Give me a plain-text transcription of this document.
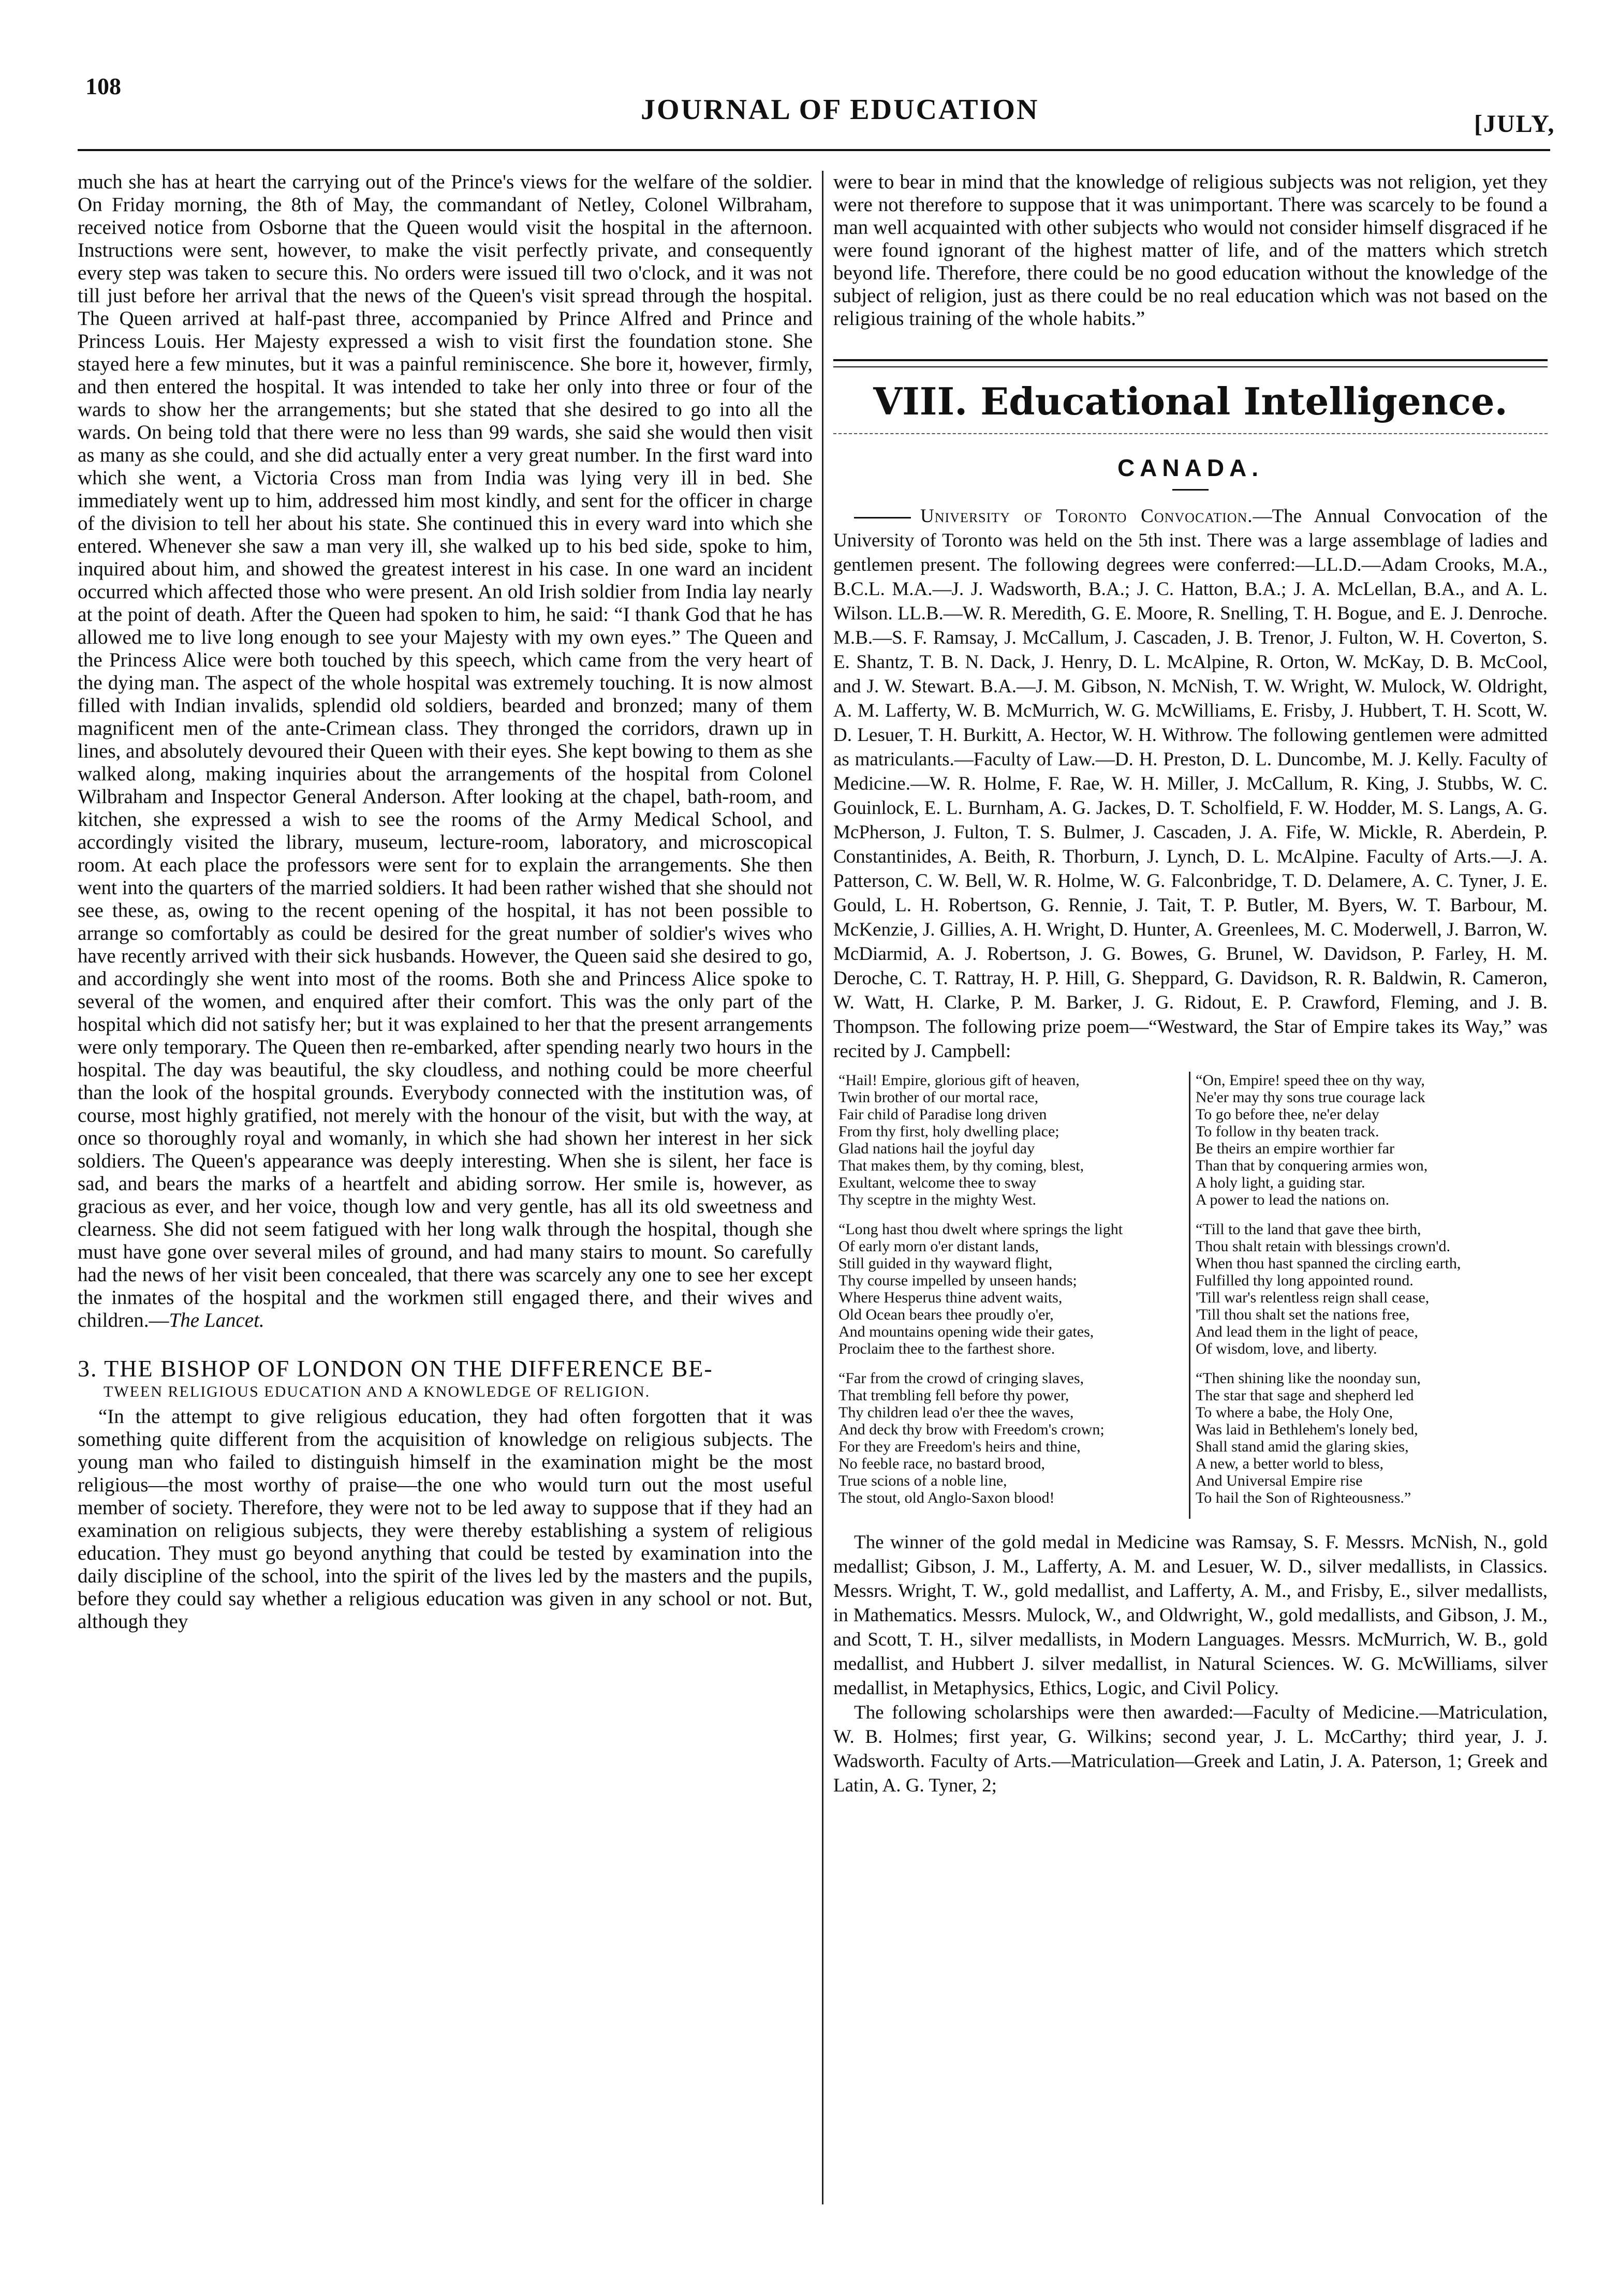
108
JOURNAL OF EDUCATION	[JULY,

much she has at heart the carrying out of the Prince's views for the welfare of the soldier. On Friday morning, the 8th of May, the commandant of Netley, Colonel Wilbraham, received notice from Osborne that the Queen would visit the hospital in the afternoon. Instructions were sent, however, to make the visit perfectly private, and consequently every step was taken to secure this. No orders were issued till two o'clock, and it was not till just before her arrival that the news of the Queen's visit spread through the hospital. The Queen arrived at half-past three, accompanied by Prince Alfred and Prince and Princess Louis. Her Majesty expressed a wish to visit first the foundation stone. She stayed here a few minutes, but it was a painful reminiscence. She bore it, however, firmly, and then entered the hospital. It was intended to take her only into three or four of the wards to show her the arrangements; but she stated that she desired to go into all the wards. On being told that there were no less than 99 wards, she said she would then visit as many as she could, and she did actually enter a very great number. In the first ward into which she went, a Victoria Cross man from India was lying very ill in bed. She immediately went up to him, addressed him most kindly, and sent for the officer in charge of the division to tell her about his state. She continued this in every ward into which she entered. Whenever she saw a man very ill, she walked up to his bed side, spoke to him, inquired about him, and showed the greatest interest in his case. In one ward an incident occurred which affected those who were present. An old Irish soldier from India lay nearly at the point of death. After the Queen had spoken to him, he said: “I thank God that he has allowed me to live long enough to see your Majesty with my own eyes.” The Queen and the Princess Alice were both touched by this speech, which came from the very heart of the dying man. The aspect of the whole hospital was extremely touching. It is now almost filled with Indian invalids, splendid old soldiers, bearded and bronzed; many of them magnificent men of the ante-Crimean class. They thronged the corridors, drawn up in lines, and absolutely devoured their Queen with their eyes. She kept bowing to them as she walked along, making inquiries about the arrangements of the hospital from Colonel Wilbraham and Inspector General Anderson. After looking at the chapel, bath-room, and kitchen, she expressed a wish to see the rooms of the Army Medical School, and accordingly visited the library, museum, lecture-room, laboratory, and microscopical room. At each place the professors were sent for to explain the arrangements. She then went into the quarters of the married soldiers. It had been rather wished that she should not see these, as, owing to the recent opening of the hospital, it has not been possible to arrange so comfortably as could be desired for the great number of soldier's wives who have recently arrived with their sick husbands. However, the Queen said she desired to go, and accordingly she went into most of the rooms. Both she and Princess Alice spoke to several of the women, and enquired after their comfort. This was the only part of the hospital which did not satisfy her; but it was explained to her that the present arrangements were only temporary. The Queen then re-embarked, after spending nearly two hours in the hospital. The day was beautiful, the sky cloudless, and nothing could be more cheerful than the look of the hospital grounds. Everybody connected with the institution was, of course, most highly gratified, not merely with the honour of the visit, but with the way, at once so thoroughly royal and womanly, in which she had shown her interest in her sick soldiers. The Queen's appearance was deeply interesting. When she is silent, her face is sad, and bears the marks of a heartfelt and abiding sorrow. Her smile is, however, as gracious as ever, and her voice, though low and very gentle, has all its old sweetness and clearness. She did not seem fatigued with her long walk through the hospital, though she must have gone over several miles of ground, and had many stairs to mount. So carefully had the news of her visit been concealed, that there was scarcely any one to see her except the inmates of the hospital and the workmen still engaged there, and their wives and children.—The Lancet.

3. THE BISHOP OF LONDON ON THE DIFFERENCE BE-
TWEEN RELIGIOUS EDUCATION AND A KNOWLEDGE OF RELIGION.

“In the attempt to give religious education, they had often forgotten that it was something quite different from the acquisition of knowledge on religious subjects. The young man who failed to distinguish himself in the examination might be the most religious—the most worthy of praise—the one who would turn out the most useful member of society. Therefore, they were not to be led away to suppose that if they had an examination on religious subjects, they were thereby establishing a system of religious education. They must go beyond anything that could be tested by examination into the daily discipline of the school, into the spirit of the lives led by the masters and the pupils, before they could say whether a religious education was given in any school or not. But, although they

were to bear in mind that the knowledge of religious subjects was not religion, yet they were not therefore to suppose that it was unimportant. There was scarcely to be found a man well acquainted with other subjects who would not consider himself disgraced if he were found ignorant of the highest matter of life, and of the matters which stretch beyond life. Therefore, there could be no good education without the knowledge of the subject of religion, just as there could be no real education which was not based on the religious training of the whole habits.”

VIII. Educational Intelligence.
CANADA.

University of Toronto Convocation.—The Annual Convocation of the University of Toronto was held on the 5th inst. There was a large assemblage of ladies and gentlemen present. The following degrees were conferred:—LL.D.—Adam Crooks, M.A., B.C.L. M.A.—J. J. Wadsworth, B.A.; J. C. Hatton, B.A.; J. A. McLellan, B.A., and A. L. Wilson. LL.B.—W. R. Meredith, G. E. Moore, R. Snelling, T. H. Bogue, and E. J. Denroche. M.B.—S. F. Ramsay, J. McCallum, J. Cascaden, J. B. Trenor, J. Fulton, W. H. Coverton, S. E. Shantz, T. B. N. Dack, J. Henry, D. L. McAlpine, R. Orton, W. McKay, D. B. McCool, and J. W. Stewart. B.A.—J. M. Gibson, N. McNish, T. W. Wright, W. Mulock, W. Oldright, A. M. Lafferty, W. B. McMurrich, W. G. McWilliams, E. Frisby, J. Hubbert, T. H. Scott, W. D. Lesuer, T. H. Burkitt, A. Hector, W. H. Withrow. The following gentlemen were admitted as matriculants.—Faculty of Law.—D. H. Preston, D. L. Duncombe, M. J. Kelly. Faculty of Medicine.—W. R. Holme, F. Rae, W. H. Miller, J. McCallum, R. King, J. Stubbs, W. C. Gouinlock, E. L. Burnham, A. G. Jackes, D. T. Scholfield, F. W. Hodder, M. S. Langs, A. G. McPherson, J. Fulton, T. S. Bulmer, J. Cascaden, J. A. Fife, W. Mickle, R. Aberdein, P. Constantinides, A. Beith, R. Thorburn, J. Lynch, D. L. McAlpine. Faculty of Arts.—J. A. Patterson, C. W. Bell, W. R. Holme, W. G. Falconbridge, T. D. Delamere, A. C. Tyner, J. E. Gould, L. H. Robertson, G. Rennie, J. Tait, T. P. Butler, M. Byers, W. T. Barbour, M. McKenzie, J. Gillies, A. H. Wright, D. Hunter, A. Greenlees, M. C. Moderwell, J. Barron, W. McDiarmid, A. J. Robertson, J. G. Bowes, G. Brunel, W. Davidson, P. Farley, H. M. Deroche, C. T. Rattray, H. P. Hill, G. Sheppard, G. Davidson, R. R. Baldwin, R. Cameron, W. Watt, H. Clarke, P. M. Barker, J. G. Ridout, E. P. Crawford, Fleming, and J. B. Thompson. The following prize poem—“Westward, the Star of Empire takes its Way,” was recited by J. Campbell:

“Hail! Empire, glorious gift of heaven,
Twin brother of our mortal race,
Fair child of Paradise long driven
From thy first, holy dwelling place;
Glad nations hail the joyful day
That makes them, by thy coming, blest,
Exultant, welcome thee to sway
Thy sceptre in the mighty West.

“Long hast thou dwelt where springs the light
Of early morn o'er distant lands,
Still guided in thy wayward flight,
Thy course impelled by unseen hands;
Where Hesperus thine advent waits,
Old Ocean bears thee proudly o'er,
And mountains opening wide their gates,
Proclaim thee to the farthest shore.

“Far from the crowd of cringing slaves,
That trembling fell before thy power,
Thy children lead o'er thee the waves,
And deck thy brow with Freedom's crown;
For they are Freedom's heirs and thine,
No feeble race, no bastard brood,
True scions of a noble line,
The stout, old Anglo-Saxon blood!

“On, Empire! speed thee on thy way,
Ne'er may thy sons true courage lack
To go before thee, ne'er delay
To follow in thy beaten track.
Be theirs an empire worthier far
Than that by conquering armies won,
A holy light, a guiding star.
A power to lead the nations on.

“Till to the land that gave thee birth,
Thou shalt retain with blessings crown'd.
When thou hast spanned the circling earth,
Fulfilled thy long appointed round.
'Till war's relentless reign shall cease,
'Till thou shalt set the nations free,
And lead them in the light of peace,
Of wisdom, love, and liberty.

“Then shining like the noonday sun,
The star that sage and shepherd led
To where a babe, the Holy One,
Was laid in Bethlehem's lonely bed,
Shall stand amid the glaring skies,
A new, a better world to bless,
And Universal Empire rise
To hail the Son of Righteousness.”

The winner of the gold medal in Medicine was Ramsay, S. F. Messrs. McNish, N., gold medallist; Gibson, J. M., Lafferty, A. M. and Lesuer, W. D., silver medallists, in Classics. Messrs. Wright, T. W., gold medallist, and Lafferty, A. M., and Frisby, E., silver medallists, in Mathematics. Messrs. Mulock, W., and Oldwright, W., gold medallists, and Gibson, J. M., and Scott, T. H., silver medallists, in Modern Languages. Messrs. McMurrich, W. B., gold medallist, and Hubbert J. silver medallist, in Natural Sciences. W. G. McWilliams, silver medallist, in Metaphysics, Ethics, Logic, and Civil Policy.

The following scholarships were then awarded:—Faculty of Medicine.—Matriculation, W. B. Holmes; first year, G. Wilkins; second year, J. L. McCarthy; third year, J. J. Wadsworth. Faculty of Arts.—Matriculation—Greek and Latin, J. A. Paterson, 1; Greek and Latin, A. G. Tyner, 2;
